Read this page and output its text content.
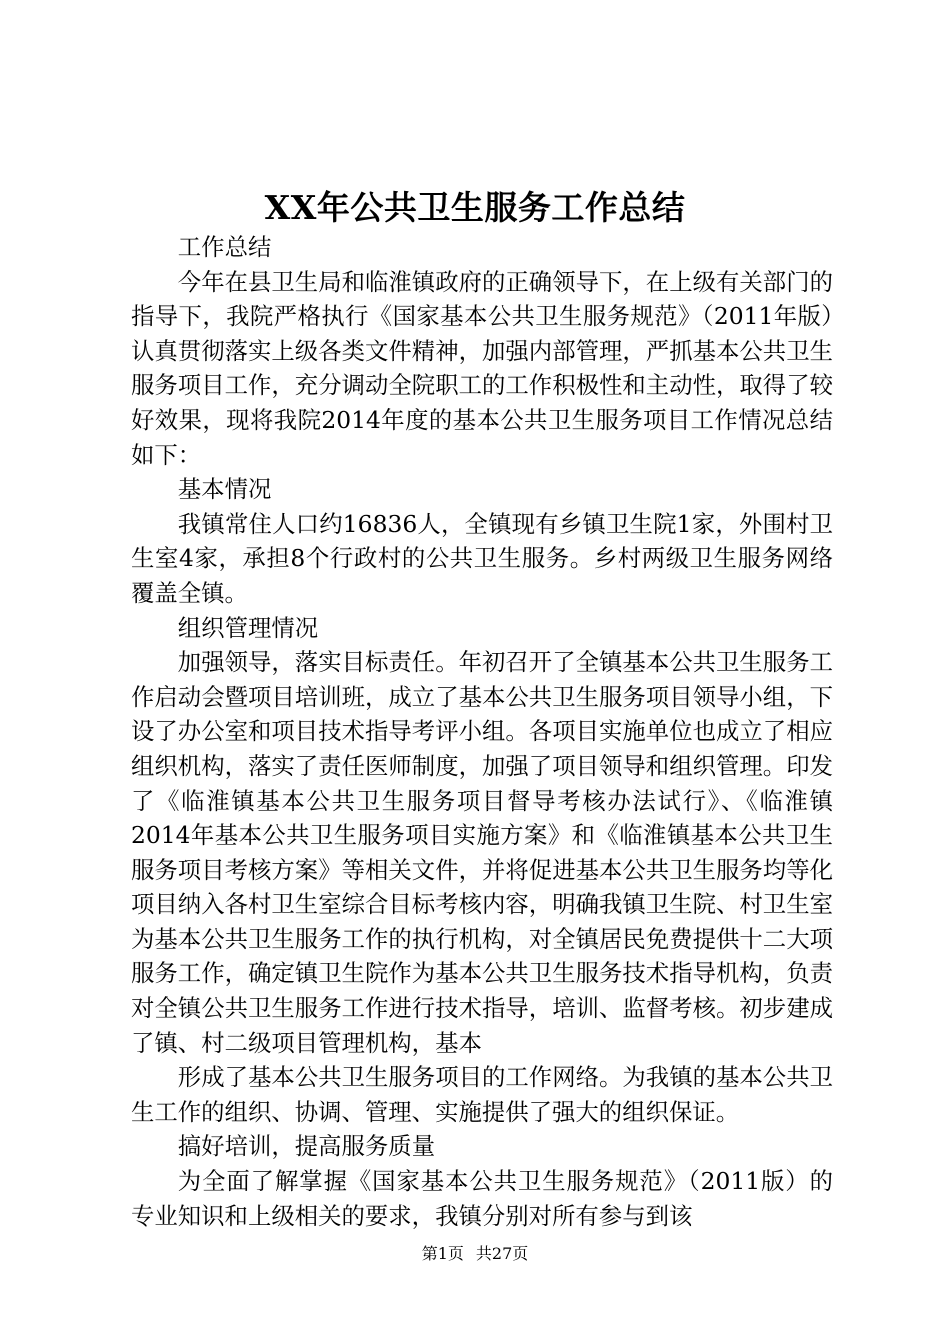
XX年公共卫生服务工作总结

工作总结

今年在县卫生局和临淮镇政府的正确领导下，在上级有关部门的指导下，我院严格执行《国家基本公共卫生服务规范》（2011年版）认真贯彻落实上级各类文件精神，加强内部管理，严抓基本公共卫生服务项目工作，充分调动全院职工的工作积极性和主动性，取得了较好效果，现将我院2014年度的基本公共卫生服务项目工作情况总结如下：

基本情况

我镇常住人口约16836人，全镇现有乡镇卫生院1家，外围村卫生室4家，承担8个行政村的公共卫生服务。乡村两级卫生服务网络覆盖全镇。

组织管理情况

加强领导，落实目标责任。年初召开了全镇基本公共卫生服务工作启动会暨项目培训班，成立了基本公共卫生服务项目领导小组，下设了办公室和项目技术指导考评小组。各项目实施单位也成立了相应组织机构，落实了责任医师制度，加强了项目领导和组织管理。印发了《临淮镇基本公共卫生服务项目督导考核办法试行》、《临淮镇2014年基本公共卫生服务项目实施方案》和《临淮镇基本公共卫生服务项目考核方案》等相关文件，并将促进基本公共卫生服务均等化项目纳入各村卫生室综合目标考核内容，明确我镇卫生院、村卫生室为基本公共卫生服务工作的执行机构，对全镇居民免费提供十二大项服务工作，确定镇卫生院作为基本公共卫生服务技术指导机构，负责对全镇公共卫生服务工作进行技术指导，培训、监督考核。初步建成了镇、村二级项目管理机构，基本

形成了基本公共卫生服务项目的工作网络。为我镇的基本公共卫生工作的组织、协调、管理、实施提供了强大的组织保证。

搞好培训，提高服务质量

为全面了解掌握《国家基本公共卫生服务规范》（2011版）的专业知识和上级相关的要求，我镇分别对所有参与到该

第1页 共27页
